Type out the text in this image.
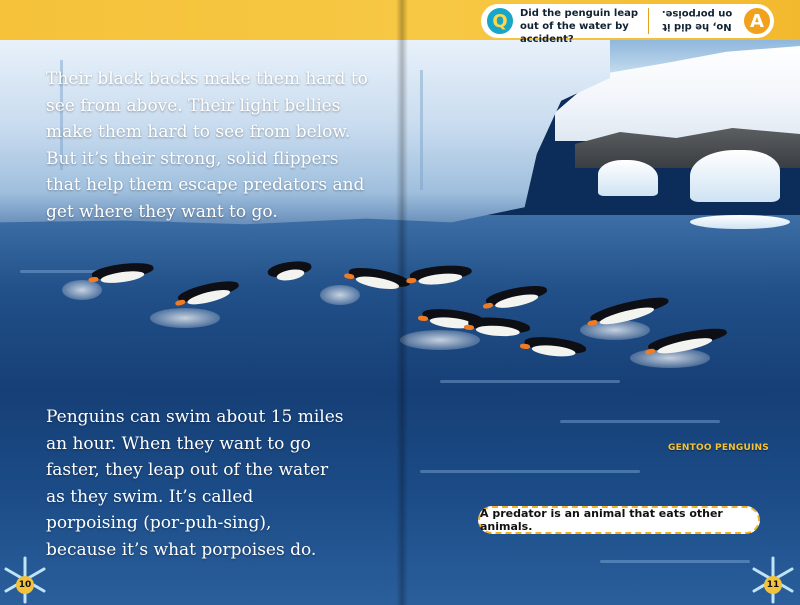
Their black backs make them hard to see from above. Their light bellies make them hard to see from below. But it’s their strong, solid flippers that help them escape predators and get where they want to go.

Penguins can swim about 15 miles an hour. When they want to go faster, they leap out of the water as they swim. It’s called porpoising (por-puh-sing), because it’s what porpoises do.

Q	Did the penguin leap out of the water by accident?
No, he did it on porpoise. A
GENTOO PENGUINS
A predator is an animal that eats other animals.
10	11
